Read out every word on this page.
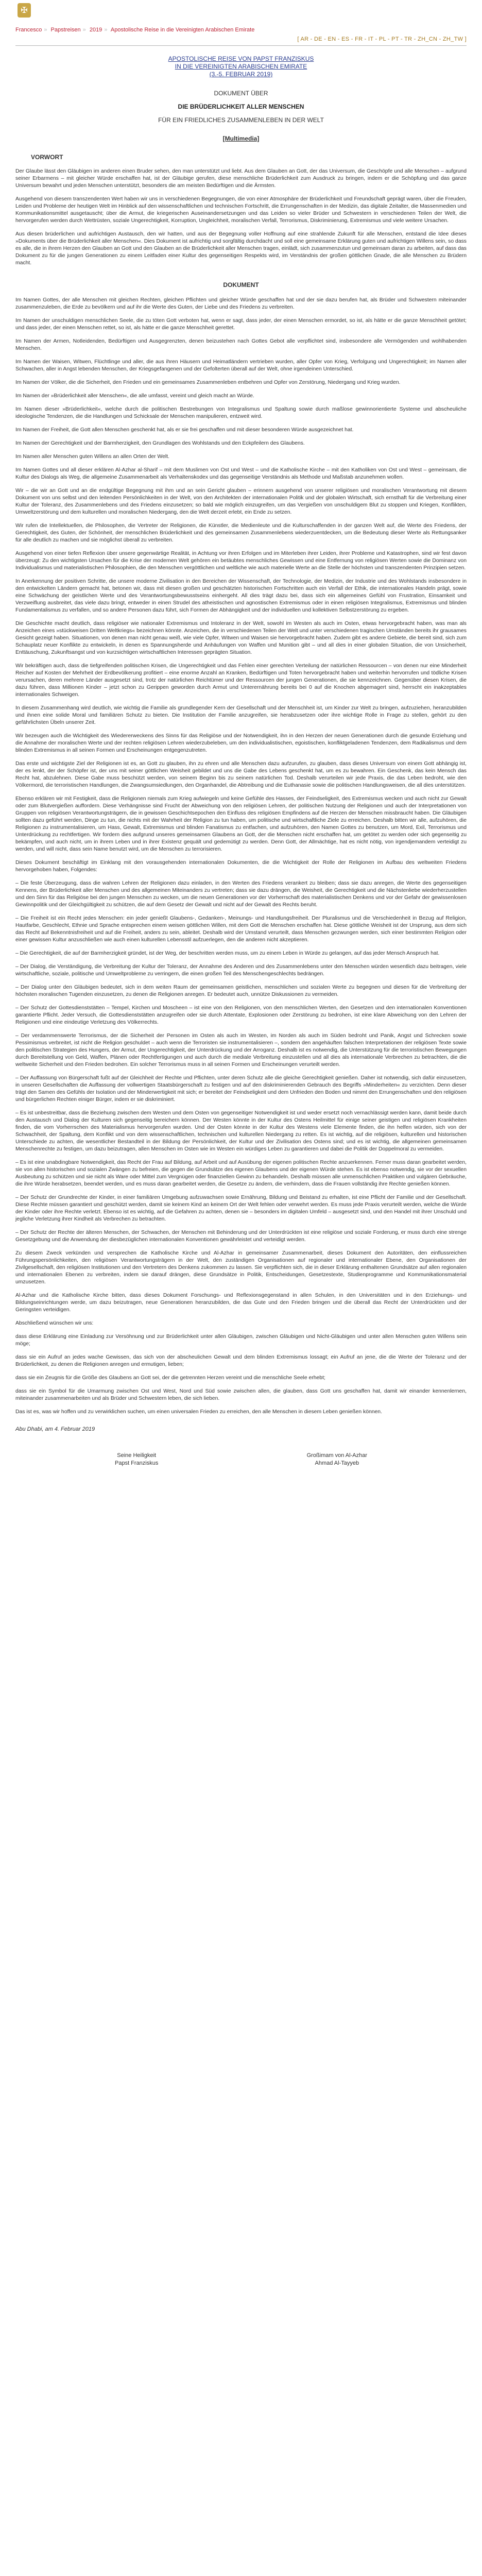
✠
Francesco » Papstreisen » 2019 » Apostolische Reise in die Vereinigten Arabischen Emirate
[ AR - DE - EN - ES - FR - IT - PL - PT - TR - ZH_CN - ZH_TW ]
APOSTOLISCHE REISE VON PAPST FRANZISKUS
IN DIE VEREINIGTEN ARABISCHEN EMIRATE
(3.-5. FEBRUAR 2019)
DOKUMENT ÜBER
DIE BRÜDERLICHKEIT ALLER MENSCHEN
FÜR EIN FRIEDLICHES ZUSAMMENLEBEN IN DER WELT
[Multimedia]
VORWORT

Der Glaube lässt den Gläubigen im anderen einen Bruder sehen, den man unterstützt und liebt. Aus dem Glauben an Gott, der das Universum, die Geschöpfe und alle Menschen – aufgrund seiner Erbarmens – mit gleicher Würde erschaffen hat, ist der Gläubige gerufen, diese menschliche Brüderlichkeit zum Ausdruck zu bringen, indem er die Schöpfung und das ganze Universum bewahrt und jeden Menschen unterstützt, besonders die am meisten Bedürftigen und die Ärmsten.

Ausgehend von diesem transzendenten Wert haben wir uns in verschiedenen Begegnungen, die von einer Atmosphäre der Brüderlichkeit und Freundschaft geprägt waren, über die Freuden, Leiden und Probleme der heutigen Welt im Hinblick auf den wissenschaftlichen und technischen Fortschritt, die Errungenschaften in der Medizin, das digitale Zeitalter, die Massenmedien und Kommunikationsmittel ausgetauscht; über die Armut, die kriegerischen Auseinandersetzungen und das Leiden so vieler Brüder und Schwestern in verschiedenen Teilen der Welt, die hervorgerufen werden durch Wettrüsten, soziale Ungerechtigkeit, Korruption, Ungleichheit, moralischen Verfall, Terrorismus, Diskriminierung, Extremismus und viele weitere Ursachen.

Aus diesen brüderlichen und aufrichtigen Austausch, den wir hatten, und aus der Begegnung voller Hoffnung auf eine strahlende Zukunft für alle Menschen, entstand die Idee dieses »Dokuments über die Brüderlichkeit aller Menschen«. Dies Dokument ist aufrichtig und sorgfältig durchdacht und soll eine gemeinsame Erklärung guten und aufrichtigen Willens sein, so dass es alle, die in ihrem Herzen den Glauben an Gott und den Glauben an die Brüderlichkeit aller Menschen tragen, einlädt, sich zusammenzutun und gemeinsam daran zu arbeiten, auf dass das Dokument zu für die jungen Generationen zu einem Leitfaden einer Kultur des gegenseitigen Respekts wird, im Verständnis der großen göttlichen Gnade, die alle Menschen zu Brüdern macht.

DOKUMENT

Im Namen Gottes, der alle Menschen mit gleichen Rechten, gleichen Pflichten und gleicher Würde geschaffen hat und der sie dazu berufen hat, als Brüder und Schwestern miteinander zusammenzuleben, die Erde zu bevölkern und auf ihr die Werte des Guten, der Liebe und des Friedens zu verbreiten.

Im Namen der unschuldigen menschlichen Seele, die zu töten Gott verboten hat, wenn er sagt, dass jeder, der einen Menschen ermordet, so ist, als hätte er die ganze Menschheit getötet; und dass jeder, der einen Menschen rettet, so ist, als hätte er die ganze Menschheit gerettet.

Im Namen der Armen, Notleidenden, Bedürftigen und Ausgegrenzten, denen beizustehen nach Gottes Gebot alle verpflichtet sind, insbesondere alle Vermögenden und wohlhabenden Menschen.

Im Namen der Waisen, Witwen, Flüchtlinge und aller, die aus ihren Häusern und Heimatländern vertrieben wurden, aller Opfer von Krieg, Verfolgung und Ungerechtigkeit; im Namen aller Schwachen, aller in Angst lebenden Menschen, der Kriegsgefangenen und der Gefolterten überall auf der Welt, ohne irgendeinen Unterschied.

Im Namen der Völker, die die Sicherheit, den Frieden und ein gemeinsames Zusammenleben entbehren und Opfer von Zerstörung, Niedergang und Krieg wurden.

Im Namen der »Brüderlichkeit aller Menschen«, die alle umfasst, vereint und gleich macht an Würde.

Im Namen dieser »Brüderlichkeit«, welche durch die politischen Bestrebungen von Integralismus und Spaltung sowie durch maßlose gewinnorientierte Systeme und abscheuliche ideologische Tendenzen, die die Handlungen und Schicksale der Menschen manipulieren, entzweit wird.

Im Namen der Freiheit, die Gott allen Menschen geschenkt hat, als er sie frei geschaffen und mit dieser besonderen Würde ausgezeichnet hat.

Im Namen der Gerechtigkeit und der Barmherzigkeit, den Grundlagen des Wohlstands und den Eckpfeilern des Glaubens.

Im Namen aller Menschen guten Willens an allen Orten der Welt.

Im Namen Gottes und all dieser erklären Al-Azhar al-Sharif – mit dem Muslimen von Ost und West – und die Katholische Kirche – mit den Katholiken von Ost und West – gemeinsam, die Kultur des Dialogs als Weg, die allgemeine Zusammenarbeit als Verhaltenskodex und das gegenseitige Verständnis als Methode und Maßstab anzunehmen wollen.

Wir – die wir an Gott und an die endgültige Begegnung mit ihm und an sein Gericht glauben – erinnern ausgehend von unserer religiösen und moralischen Verantwortung mit diesem Dokument von uns selbst und den leitenden Persönlichkeiten in der Welt, von den Architekten der internationalen Politik und der globalen Wirtschaft, sich ernsthaft für die Verbreitung einer Kultur der Toleranz, des Zusammenlebens und des Friedens einzusetzen; so bald wie möglich einzugreifen, um das Vergießen von unschuldigem Blut zu stoppen und Kriegen, Konflikten, Umweltzerstörung und dem kulturellen und moralischen Niedergang, den die Welt derzeit erlebt, ein Ende zu setzen.

Wir rufen die Intellektuellen, die Philosophen, die Vertreter der Religionen, die Künstler, die Medienleute und die Kulturschaffenden in der ganzen Welt auf, die Werte des Friedens, der Gerechtigkeit, des Guten, der Schönheit, der menschlichen Brüderlichkeit und des gemeinsamen Zusammenlebens wiederzuentdecken, um die Bedeutung dieser Werte als Rettungsanker für alle deutlich zu machen und sie möglichst überall zu verbreiten.

Ausgehend von einer tiefen Reflexion über unsere gegenwärtige Realität, in Achtung vor ihren Erfolgen und im Miterleben ihrer Leiden, ihrer Probleme und Katastrophen, sind wir fest davon überzeugt: Zu den wichtigsten Ursachen für die Krise der modernen Welt gehören ein betäubtes menschliches Gewissen und eine Entfernung von religiösen Werten sowie die Dominanz von Individualismus und materialistischen Philosophien, die den Menschen vergöttlichen und weltliche wie auch materielle Werte an die Stelle der höchsten und transzendenten Prinzipien setzen.

In Anerkennung der positiven Schritte, die unsere moderne Zivilisation in den Bereichen der Wissenschaft, der Technologie, der Medizin, der Industrie und des Wohlstands insbesondere in den entwickelten Ländern gemacht hat, betonen wir, dass mit diesen großen und geschätzten historischen Fortschritten auch ein Verfall der Ethik, die internationales Handeln prägt, sowie eine Schwächung der geistlichen Werte und des Verantwortungsbewusstseins einhergeht. All dies trägt dazu bei, dass sich ein allgemeines Gefühl von Frustration, Einsamkeit und Verzweiflung ausbreitet, das viele dazu bringt, entweder in einen Strudel des atheistischen und agnostischen Extremismus oder in einen religiösen Integralismus, Extremismus und blinden Fundamentalismus zu verfallen, und so andere Personen dazu führt, sich Formen der Abhängigkeit und der individuellen und kollektiven Selbstzerstörung zu ergeben.

Die Geschichte macht deutlich, dass religiöser wie nationaler Extremismus und Intoleranz in der Welt, sowohl im Westen als auch im Osten, etwas hervorgebracht haben, was man als Anzeichen eines »stückweisen Dritten Weltkriegs« bezeichnen könnte. Anzeichen, die in verschiedenen Teilen der Welt und unter verschiedenen tragischen Umständen bereits ihr grausames Gesicht gezeigt haben. Situationen, von denen man nicht genau weiß, wie viele Opfer, Witwen und Waisen sie hervorgebracht haben. Zudem gibt es andere Gebiete, die bereit sind, sich zum Schauplatz neuer Konflikte zu entwickeln, in denen es Spannungsherde und Anhäufungen von Waffen und Munition gibt – und all dies in einer globalen Situation, die von Unsicherheit, Enttäuschung, Zukunftsangst und von kurzsichtigen wirtschaftlichen Interessen geprägten Situation.

Wir bekräftigen auch, dass die tiefgreifenden politischen Krisen, die Ungerechtigkeit und das Fehlen einer gerechten Verteilung der natürlichen Ressourcen – von denen nur eine Minderheit Reicher auf Kosten der Mehrheit der Erdbevölkerung profitiert – eine enorme Anzahl an Kranken, Bedürftigen und Toten hervorgebracht haben und weiterhin hervorrufen und tödliche Krisen verursachen, deren mehrere Länder ausgesetzt sind, trotz der natürlichen Reichtümer und der Ressourcen der jungen Generationen, die sie kennzeichnen. Gegenüber diesen Krisen, die dazu führen, dass Millionen Kinder – jetzt schon zu Gerippen geworden durch Armut und Unterernährung bereits bei 0 auf die Knochen abgemagert sind, herrscht ein inakzeptables internationales Schweigen.

In diesem Zusammenhang wird deutlich, wie wichtig die Familie als grundlegender Kern der Gesellschaft und der Menschheit ist, um Kinder zur Welt zu bringen, aufzuziehen, heranzubilden und ihnen eine solide Moral und familiären Schutz zu bieten. Die Institution der Familie anzugreifen, sie herabzusetzen oder ihre wichtige Rolle in Frage zu stellen, gehört zu den gefährlichsten Übeln unserer Zeit.

Wir bezeugen auch die Wichtigkeit des Wiedererweckens des Sinns für das Religiöse und der Notwendigkeit, ihn in den Herzen der neuen Generationen durch die gesunde Erziehung und die Annahme der moralischen Werte und der rechten religiösen Lehren wiederzubeleben, um den individualistischen, egoistischen, konfliktgeladenen Tendenzen, dem Radikalismus und dem blinden Extremismus in all seinen Formen und Erscheinungen entgegenzutreten.

Das erste und wichtigste Ziel der Religionen ist es, an Gott zu glauben, ihn zu ehren und alle Menschen dazu aufzurufen, zu glauben, dass dieses Universum von einem Gott abhängig ist, der es lenkt, der der Schöpfer ist, der uns mit seiner göttlichen Weisheit gebildet und uns die Gabe des Lebens geschenkt hat, um es zu bewahren. Ein Geschenk, das kein Mensch das Recht hat, abzulehnen. Diese Gabe muss beschützt werden, von seinem Beginn bis zu seinem natürlichen Tod. Deshalb verurteilen wir jede Praxis, die das Leben bedroht, wie den Völkermord, die terroristischen Handlungen, die Zwangsumsiedlungen, den Organhandel, die Abtreibung und die Euthanasie sowie die politischen Handlungsweisen, die all dies unterstützen.

Ebenso erklären wir mit Festigkeit, dass die Religionen niemals zum Krieg aufwiegeln und keine Gefühle des Hasses, der Feindseligkeit, des Extremismus wecken und auch nicht zur Gewalt oder zum Blutvergießen auffordern. Diese Verhängnisse sind Frucht der Abweichung von den religiösen Lehren, der politischen Nutzung der Religionen und auch der Interpretationen von Gruppen von religiösen Verantwortungsträgern, die in gewissen Geschichtsepochen den Einfluss des religiösen Empfindens auf die Herzen der Menschen missbraucht haben. Die Gläubigen sollten dazu geführt werden, Dinge zu tun, die nichts mit der Wahrheit der Religion zu tun haben, um politische und wirtschaftliche Ziele zu erreichen. Deshalb bitten wir alle, aufzuhören, die Religionen zu instrumentalisieren, um Hass, Gewalt, Extremismus und blinden Fanatismus zu entfachen, und aufzuhören, den Namen Gottes zu benutzen, um Mord, Exil, Terrorismus und Unterdrückung zu rechtfertigen. Wir fordern dies aufgrund unseres gemeinsamen Glaubens an Gott, der die Menschen nicht erschaffen hat, um getötet zu werden oder sich gegenseitig zu bekämpfen, und auch nicht, um in ihrem Leben und in ihrer Existenz gequält und gedemütigt zu werden. Denn Gott, der Allmächtige, hat es nicht nötig, von irgendjemandem verteidigt zu werden, und will nicht, dass sein Name benutzt wird, um die Menschen zu terrorisieren.

Dieses Dokument beschäftigt im Einklang mit den vorausgehenden internationalen Dokumenten, die die Wichtigkeit der Rolle der Religionen im Aufbau des weltweiten Friedens hervorgehoben haben, Folgendes:

– Die feste Überzeugung, dass die wahren Lehren der Religionen dazu einladen, in den Werten des Friedens verankert zu bleiben; dass sie dazu anregen, die Werte des gegenseitigen Kennens, der Brüderlichkeit aller Menschen und des allgemeinen Miteinanders zu vertreten; dass sie dazu drängen, die Weisheit, die Gerechtigkeit und die Nächstenliebe wiederherzustellen und den Sinn für das Religiöse bei den jungen Menschen zu wecken, um die neuen Generationen vor der Vorherrschaft des materialistischen Denkens und vor der Gefahr der gewissenlosen Gewinnpolitik und der Gleichgültigkeit zu schützen, die auf dem Gesetz der Gewalt und nicht auf der Gewalt des Rechts beruht.

– Die Freiheit ist ein Recht jedes Menschen: ein jeder genießt Glaubens-, Gedanken-, Meinungs- und Handlungsfreiheit. Der Pluralismus und die Verschiedenheit in Bezug auf Religion, Hautfarbe, Geschlecht, Ethnie und Sprache entsprechen einem weisen göttlichen Willen, mit dem Gott die Menschen erschaffen hat. Diese göttliche Weisheit ist der Ursprung, aus dem sich das Recht auf Bekenntnisfreiheit und auf die Freiheit, anders zu sein, ableitet. Deshalb wird der Umstand verurteilt, dass Menschen gezwungen werden, sich einer bestimmten Religion oder einer gewissen Kultur anzuschließen wie auch einen kulturellen Lebensstil aufzuerlegen, den die anderen nicht akzeptieren.

– Die Gerechtigkeit, die auf der Barmherzigkeit gründet, ist der Weg, der beschritten werden muss, um zu einem Leben in Würde zu gelangen, auf das jeder Mensch Anspruch hat.

– Der Dialog, die Verständigung, die Verbreitung der Kultur der Toleranz, der Annahme des Anderen und des Zusammenlebens unter den Menschen würden wesentlich dazu beitragen, viele wirtschaftliche, soziale, politische und Umweltprobleme zu verringern, die einen großen Teil des Menschengeschlechts bedrängen.

– Der Dialog unter den Gläubigen bedeutet, sich in dem weiten Raum der gemeinsamen geistlichen, menschlichen und sozialen Werte zu begegnen und diesen für die Verbreitung der höchsten moralischen Tugenden einzusetzen, zu denen die Religionen anregen. Er bedeutet auch, unnütze Diskussionen zu vermeiden.

– Der Schutz der Gottesdienststätten – Tempel, Kirchen und Moscheen – ist eine von den Religionen, von den menschlichen Werten, den Gesetzen und den internationalen Konventionen garantierte Pflicht. Jeder Versuch, die Gottesdienststätten anzugreifen oder sie durch Attentate, Explosionen oder Zerstörung zu bedrohen, ist eine klare Abweichung von den Lehren der Religionen und eine eindeutige Verletzung des Völkerrechts.

– Der verdammenswerte Terrorismus, der die Sicherheit der Personen im Osten als auch im Westen, im Norden als auch im Süden bedroht und Panik, Angst und Schrecken sowie Pessimismus verbreitet, ist nicht die Religion geschuldet – auch wenn die Terroristen sie instrumentalisieren –, sondern den angehäuften falschen Interpretationen der religiösen Texte sowie den politischen Strategien des Hungers, der Armut, der Ungerechtigkeit, der Unterdrückung und der Arroganz. Deshalb ist es notwendig, die Unterstützung für die terroristischen Bewegungen durch Bereitstellung von Geld, Waffen, Plänen oder Rechtfertigungen und auch durch die mediale Verbreitung einzustellen und all dies als internationale Verbrechen zu betrachten, die die weltweite Sicherheit und den Frieden bedrohen. Ein solcher Terrorismus muss in all seinen Formen und Erscheinungen verurteilt werden.

– Der Auffassung von Bürgerschaft fußt auf der Gleichheit der Rechte und Pflichten, unter deren Schutz alle die gleiche Gerechtigkeit genießen. Daher ist notwendig, sich dafür einzusetzen, in unseren Gesellschaften die Auffassung der vollwertigen Staatsbürgerschaft zu festigen und auf den diskriminierenden Gebrauch des Begriffs »Minderheiten« zu verzichten. Denn dieser trägt den Samen des Gefühls der Isolation und der Minderwertigkeit mit sich; er bereitet der Feindseligkeit und dem Unfrieden den Boden und nimmt den Errungenschaften und den religiösen und bürgerlichen Rechten einiger Bürger, indem er sie diskriminiert.

– Es ist unbestreitbar, dass die Beziehung zwischen dem Westen und dem Osten von gegenseitiger Notwendigkeit ist und weder ersetzt noch vernachlässigt werden kann, damit beide durch den Austausch und Dialog der Kulturen sich gegenseitig bereichern können. Der Westen könnte in der Kultur des Ostens Heilmittel für einige seiner geistigen und religiösen Krankheiten finden, die vom Vorherrschen des Materialismus hervorgerufen wurden. Und der Osten könnte in der Kultur des Westens viele Elemente finden, die ihn helfen würden, sich von der Schwachheit, der Spaltung, dem Konflikt und von dem wissenschaftlichen, technischen und kulturellen Niedergang zu retten. Es ist wichtig, auf die religiösen, kulturellen und historischen Unterschiede zu achten, die wesentlicher Bestandteil in der Bildung der Persönlichkeit, der Kultur und der Zivilisation des Ostens sind; und es ist wichtig, die allgemeinen gemeinsamen Menschenrechte zu festigen, um dazu beizutragen, allen Menschen im Osten wie im Westen ein würdiges Leben zu garantieren und dabei die Politik der Doppelmoral zu vermeiden.

– Es ist eine unabdingbare Notwendigkeit, das Recht der Frau auf Bildung, auf Arbeit und auf Ausübung der eigenen politischen Rechte anzuerkennen. Ferner muss daran gearbeitet werden, sie von allen historischen und sozialen Zwängen zu befreien, die gegen die Grundsätze des eigenen Glaubens und der eigenen Würde stehen. Es ist ebenso notwendig, sie vor der sexuellen Ausbeutung zu schützen und sie nicht als Ware oder Mittel zum Vergnügen oder finanziellen Gewinn zu behandeln. Deshalb müssen alle unmenschlichen Praktiken und vulgären Gebräuche, die ihre Würde herabsetzen, beendet werden, und es muss daran gearbeitet werden, die Gesetze zu ändern, die verhindern, dass die Frauen vollständig ihre Rechte genießen können.

– Der Schutz der Grundrechte der Kinder, in einer familiären Umgebung aufzuwachsen sowie Ernährung, Bildung und Beistand zu erhalten, ist eine Pflicht der Familie und der Gesellschaft. Diese Rechte müssen garantiert und geschützt werden, damit sie keinem Kind an keinem Ort der Welt fehlen oder verwehrt werden. Es muss jede Praxis verurteilt werden, welche die Würde der Kinder oder ihre Rechte verletzt. Ebenso ist es wichtig, auf die Gefahren zu achten, denen sie – besonders im digitalen Umfeld – ausgesetzt sind, und den Handel mit ihrer Unschuld und jegliche Verletzung ihrer Kindheit als Verbrechen zu betrachten.

– Der Schutz der Rechte der älteren Menschen, der Schwachen, der Menschen mit Behinderung und der Unterdrückten ist eine religiöse und soziale Forderung, er muss durch eine strenge Gesetzgebung und die Anwendung der diesbezüglichen internationalen Konventionen gewährleistet und verteidigt werden.

Zu diesem Zweck verkünden und versprechen die Katholische Kirche und Al-Azhar in gemeinsamer Zusammenarbeit, dieses Dokument den Autoritäten, den einflussreichen Führungspersönlichkeiten, den religiösen Verantwortungsträgern in der Welt, den zuständigen Organisationen auf regionaler und internationaler Ebene, den Organisationen der Zivilgesellschaft, den religiösen Institutionen und den Vertretern des Denkens zukommen zu lassen. Sie verpflichten sich, die in dieser Erklärung enthaltenen Grundsätze auf allen regionalen und internationalen Ebenen zu verbreiten, indem sie darauf drängen, diese Grundsätze in Politik, Entscheidungen, Gesetzestexte, Studienprogramme und Kommunikationsmaterial umzusetzen.

Al-Azhar und die Katholische Kirche bitten, dass dieses Dokument Forschungs- und Reflexionsgegenstand in allen Schulen, in den Universitäten und in den Erziehungs- und Bildungseinrichtungen werde, um dazu beizutragen, neue Generationen heranzubilden, die das Gute und den Frieden bringen und die überall das Recht der Unterdrückten und der Geringsten verteidigen.

Abschließend wünschen wir uns:

dass diese Erklärung eine Einladung zur Versöhnung und zur Brüderlichkeit unter allen Gläubigen, zwischen Gläubigen und Nicht-Gläubigen und unter allen Menschen guten Willens sein möge;

dass sie ein Aufruf an jedes wache Gewissen, das sich von der abscheulichen Gewalt und dem blinden Extremismus lossagt; ein Aufruf an jene, die die Werte der Toleranz und der Brüderlichkeit, zu denen die Religionen anregen und ermutigen, lieben;

dass sie ein Zeugnis für die Größe des Glaubens an Gott sei, der die getrennten Herzen vereint und die menschliche Seele erhebt;

dass sie ein Symbol für die Umarmung zwischen Ost und West, Nord und Süd sowie zwischen allen, die glauben, dass Gott uns geschaffen hat, damit wir einander kennenlernen, miteinander zusammenarbeiten und als Brüder und Schwestern leben, die sich lieben.

Das ist es, was wir hoffen und zu verwirklichen suchen, um einen universalen Frieden zu erreichen, den alle Menschen in diesem Leben genießen können.

Abu Dhabi, am 4. Februar 2019
Seine Heiligkeit
Papst Franziskus
Großimam von Al-Azhar
Ahmad Al-Tayyeb
